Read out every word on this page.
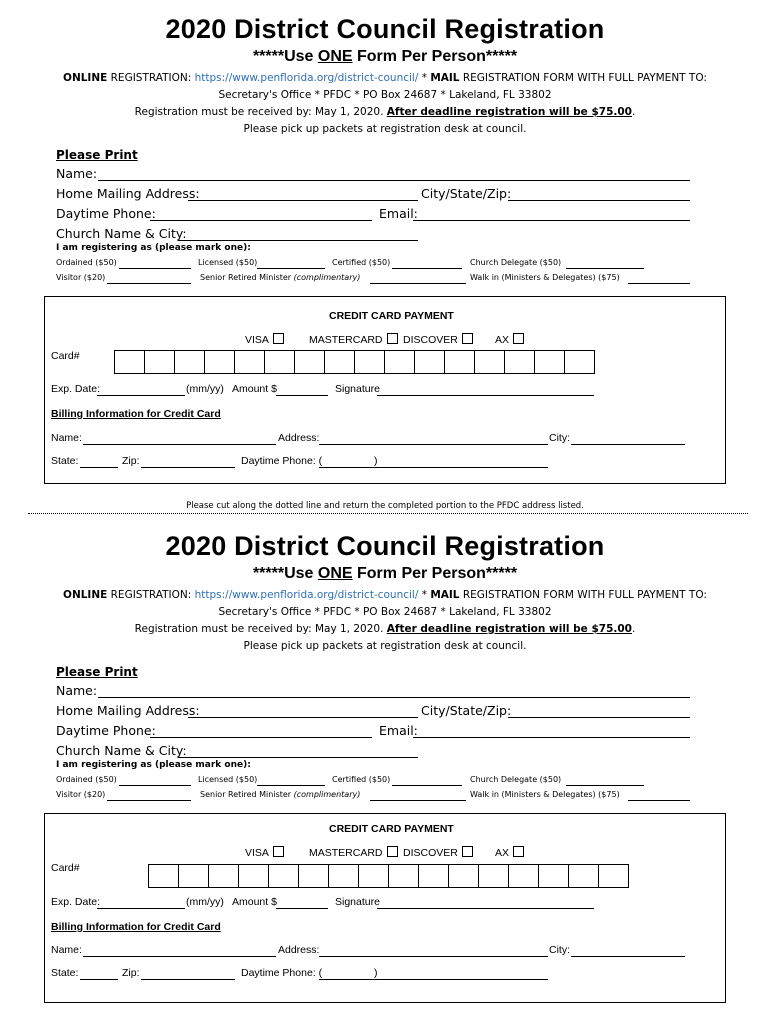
2020 District Council Registration
*****Use ONE Form Per Person*****
ONLINE REGISTRATION: https://www.penflorida.org/district-council/ * MAIL REGISTRATION FORM WITH FULL PAYMENT TO:
Secretary's Office * PFDC * PO Box 24687 * Lakeland, FL 33802
Registration must be received by: May 1, 2020. After deadline registration will be $75.00.
Please pick up packets at registration desk at council.
Please Print
Name:
Home Mailing Address:	City/State/Zip:
Daytime Phone:	Email:
Church Name & City:
I am registering as (please mark one):
Ordained ($50)	Licensed ($50)	Certified ($50)	Church Delegate ($50)
Visitor ($20)	Senior Retired Minister (complimentary)	Walk in (Ministers & Delegates) ($75)
CREDIT CARD PAYMENT
VISA	MASTERCARD	DISCOVER	AX
Card#
Exp. Date:	(mm/yy) Amount $	Signature
Billing Information for Credit Card
Name:	Address:	City:
State:	Zip:	Daytime Phone: (	)
Please cut along the dotted line and return the completed portion to the PFDC address listed.
2020 District Council Registration
*****Use ONE Form Per Person*****
ONLINE REGISTRATION: https://www.penflorida.org/district-council/ * MAIL REGISTRATION FORM WITH FULL PAYMENT TO:
Secretary's Office * PFDC * PO Box 24687 * Lakeland, FL 33802
Registration must be received by: May 1, 2020. After deadline registration will be $75.00.
Please pick up packets at registration desk at council.
Please Print
Name:
Home Mailing Address:	City/State/Zip:
Daytime Phone:	Email:
Church Name & City:
I am registering as (please mark one):
Ordained ($50)	Licensed ($50)	Certified ($50)	Church Delegate ($50)
Visitor ($20)	Senior Retired Minister (complimentary)	Walk in (Ministers & Delegates) ($75)
CREDIT CARD PAYMENT
VISA	MASTERCARD	DISCOVER	AX
Card#
Exp. Date:	(mm/yy) Amount $	Signature
Billing Information for Credit Card
Name:	Address:	City:
State:	Zip:	Daytime Phone: (	)
